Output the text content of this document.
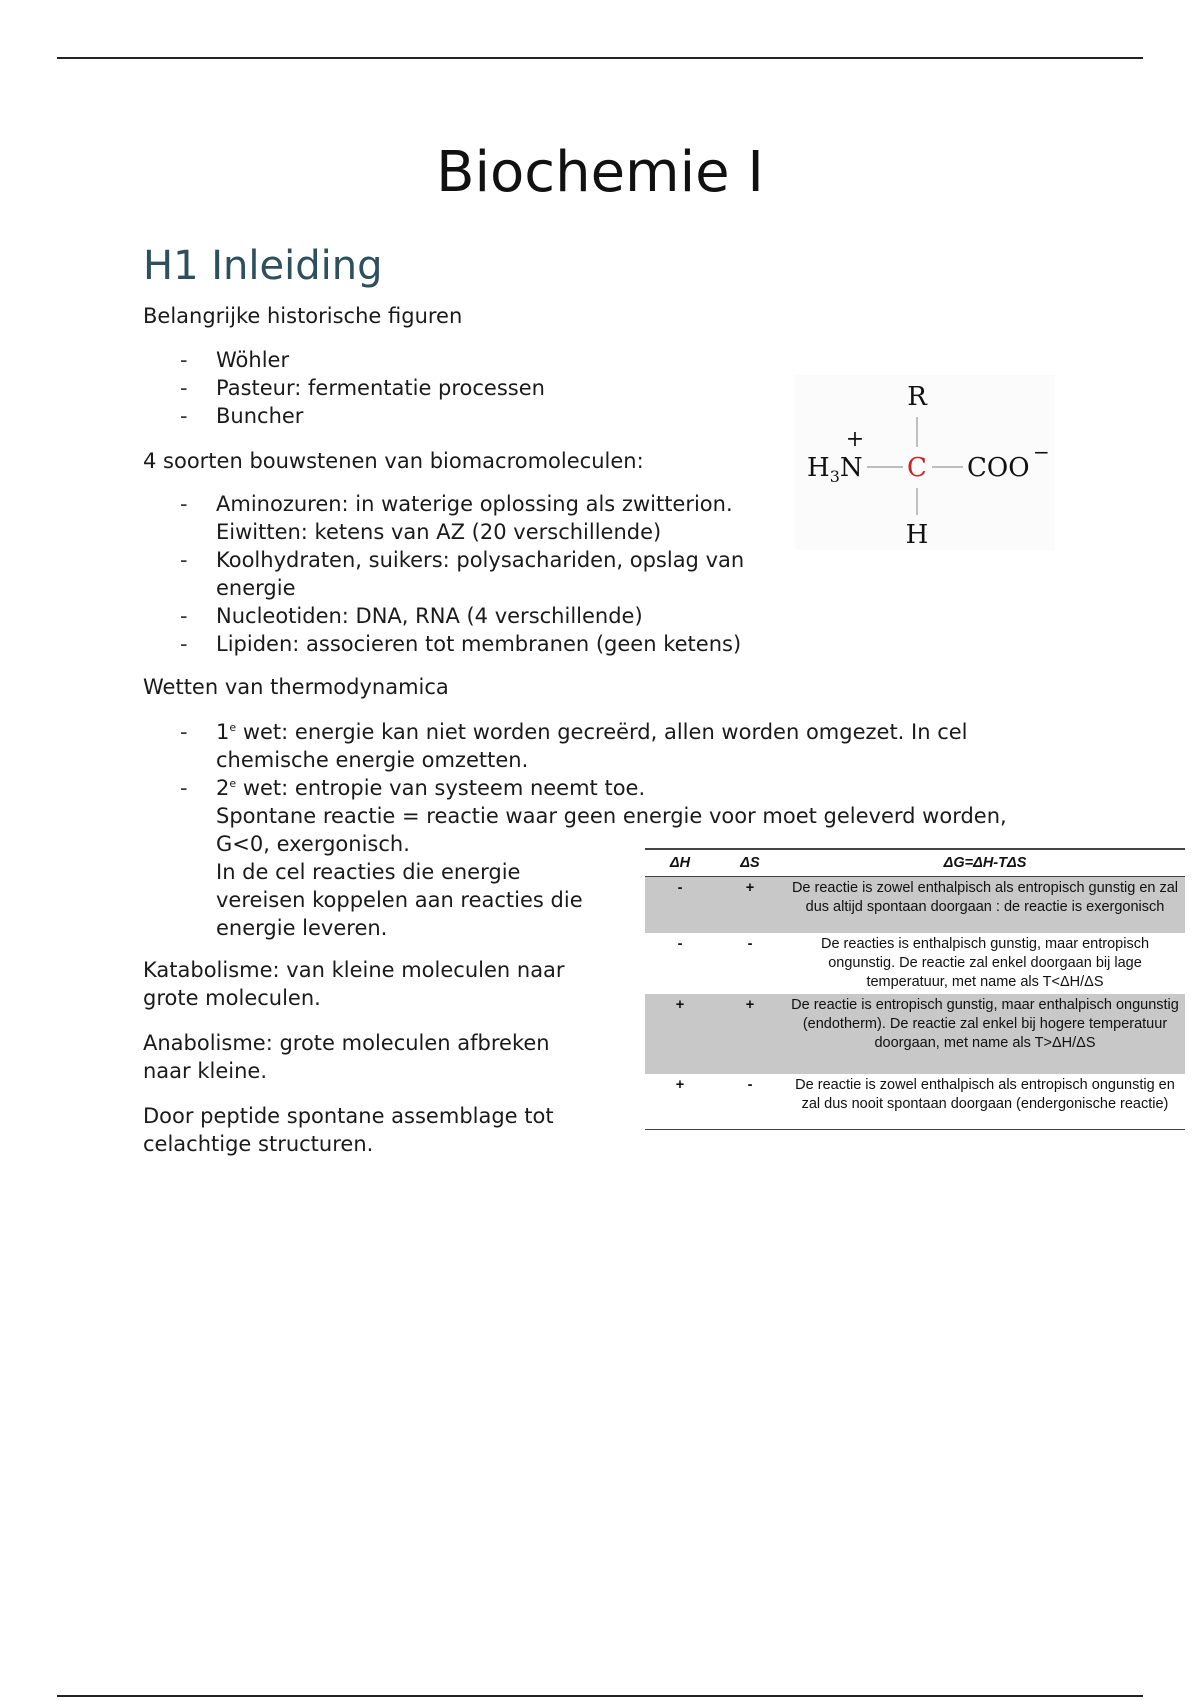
Biochemie I
H1 Inleiding

Belangrijke historische figuren

- Wöhler
- Pasteur: fermentatie processen
- Buncher

4 soorten bouwstenen van biomacromoleculen:

- Aminozuren: in waterige oplossing als zwitterion.
Eiwitten: ketens van AZ (20 verschillende)
- Koolhydraten, suikers: polysachariden, opslag van
energie
- Nucleotiden: DNA, RNA (4 verschillende)
- Lipiden: associeren tot membranen (geen ketens)
R
$H_3N$
+
C COO
−
H

Wetten van thermodynamica

- 1e wet: energie kan niet worden gecreërd, allen worden omgezet. In cel
chemische energie omzetten.
- 2e wet: entropie van systeem neemt toe.
Spontane reactie = reactie waar geen energie voor moet geleverd worden,
G<0, exergonisch.
In de cel reacties die energie
vereisen koppelen aan reacties die
energie leveren.

Katabolisme: van kleine moleculen naar
grote moleculen.

Anabolisme: grote moleculen afbreken
naar kleine.

Door peptide spontane assemblage tot
celachtige structuren.

ΔH	ΔS	ΔG=ΔH-TΔS
-	+	De reactie is zowel enthalpisch als entropisch gunstig en zal dus altijd spontaan doorgaan : de reactie is exergonisch
-	-	De reacties is enthalpisch gunstig, maar entropisch ongunstig. De reactie zal enkel doorgaan bij lage temperatuur, met name als T<ΔH/ΔS
+	+	De reactie is entropisch gunstig, maar enthalpisch ongunstig (endotherm). De reactie zal enkel bij hogere temperatuur doorgaan, met name als T>ΔH/ΔS
+	-	De reactie is zowel enthalpisch als entropisch ongunstig en zal dus nooit spontaan doorgaan (endergonische reactie)
